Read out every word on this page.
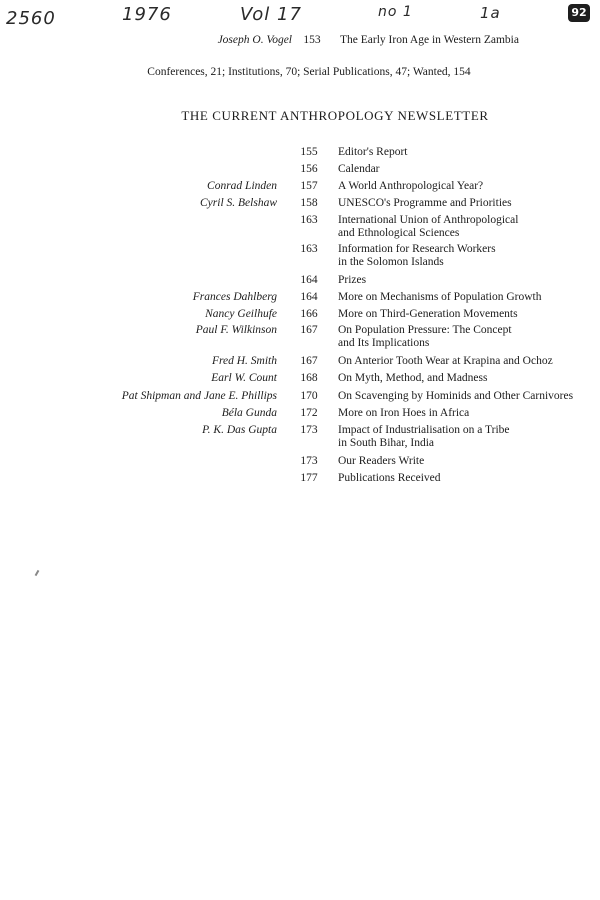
2560	1976	Vol 17	no 1	1a	92
Joseph O. Vogel 153	The Early Iron Age in Western Zambia
Conferences, 21; Institutions, 70; Serial Publications, 47; Wanted, 154
THE CURRENT ANTHROPOLOGY NEWSLETTER
155	Editor's Report
156	Calendar
Conrad Linden	157	A World Anthropological Year?
Cyril S. Belshaw	158	UNESCO's Programme and Priorities
163	International Union of Anthropological
and Ethnological Sciences
163	Information for Research Workers
in the Solomon Islands
164	Prizes
Frances Dahlberg	164	More on Mechanisms of Population Growth
Nancy Geilhufe	166	More on Third-Generation Movements
Paul F. Wilkinson	167	On Population Pressure: The Concept
and Its Implications
Fred H. Smith	167	On Anterior Tooth Wear at Krapina and Ochoz
Earl W. Count	168	On Myth, Method, and Madness
Pat Shipman and Jane E. Phillips	170	On Scavenging by Hominids and Other Carnivores
Béla Gunda	172	More on Iron Hoes in Africa
P. K. Das Gupta	173	Impact of Industrialisation on a Tribe
in South Bihar, India
173	Our Readers Write
177	Publications Received
